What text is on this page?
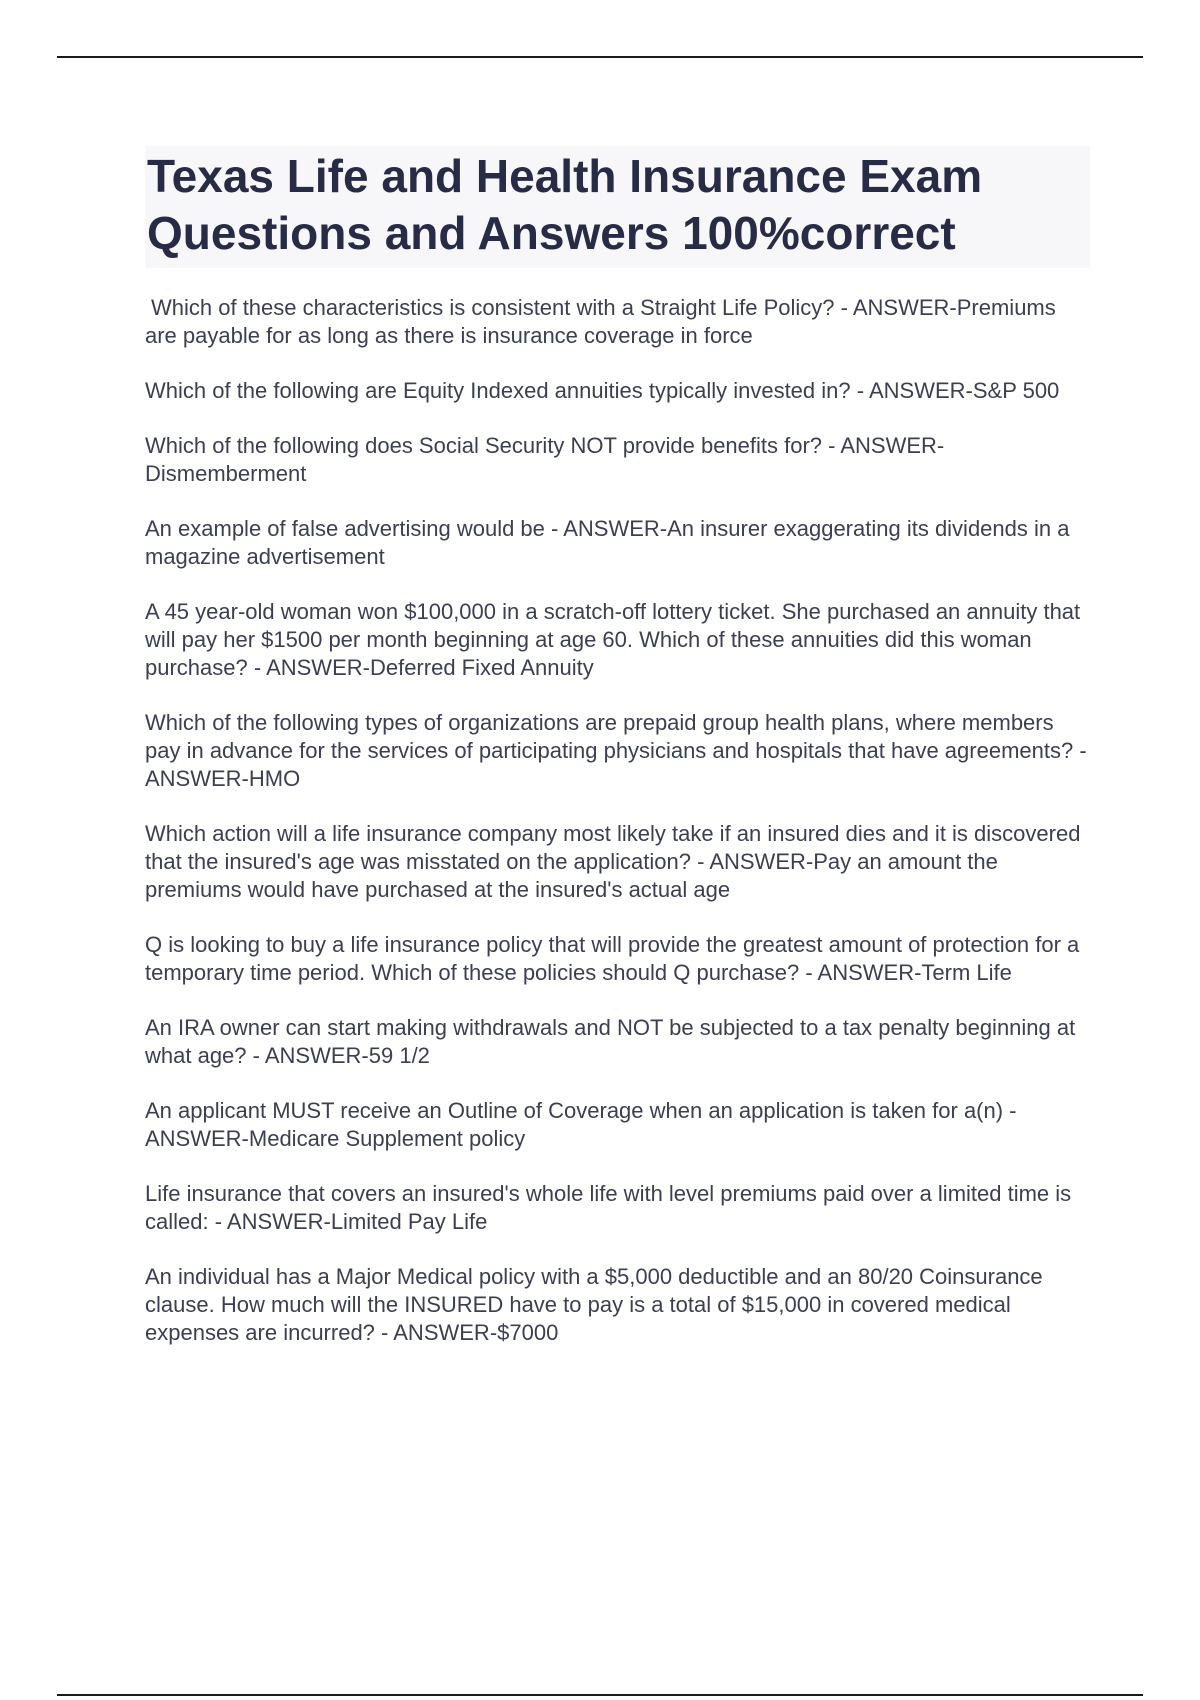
Texas Life and Health Insurance Exam
Questions and Answers 100%correct
Which of these characteristics is consistent with a Straight Life Policy? - ANSWER-Premiums are payable for as long as there is insurance coverage in force
Which of the following are Equity Indexed annuities typically invested in? - ANSWER-S&P 500
Which of the following does Social Security NOT provide benefits for? - ANSWER-Dismemberment
An example of false advertising would be - ANSWER-An insurer exaggerating its dividends in a magazine advertisement
A 45 year-old woman won $100,000 in a scratch-off lottery ticket. She purchased an annuity that will pay her $1500 per month beginning at age 60. Which of these annuities did this woman purchase? - ANSWER-Deferred Fixed Annuity
Which of the following types of organizations are prepaid group health plans, where members pay in advance for the services of participating physicians and hospitals that have agreements? - ANSWER-HMO
Which action will a life insurance company most likely take if an insured dies and it is discovered that the insured's age was misstated on the application? - ANSWER-Pay an amount the premiums would have purchased at the insured's actual age
Q is looking to buy a life insurance policy that will provide the greatest amount of protection for a temporary time period. Which of these policies should Q purchase? - ANSWER-Term Life
An IRA owner can start making withdrawals and NOT be subjected to a tax penalty beginning at what age? - ANSWER-59 1/2
An applicant MUST receive an Outline of Coverage when an application is taken for a(n) - ANSWER-Medicare Supplement policy
Life insurance that covers an insured's whole life with level premiums paid over a limited time is called: - ANSWER-Limited Pay Life
An individual has a Major Medical policy with a $5,000 deductible and an 80/20 Coinsurance clause. How much will the INSURED have to pay is a total of $15,000 in covered medical expenses are incurred? - ANSWER-$7000
